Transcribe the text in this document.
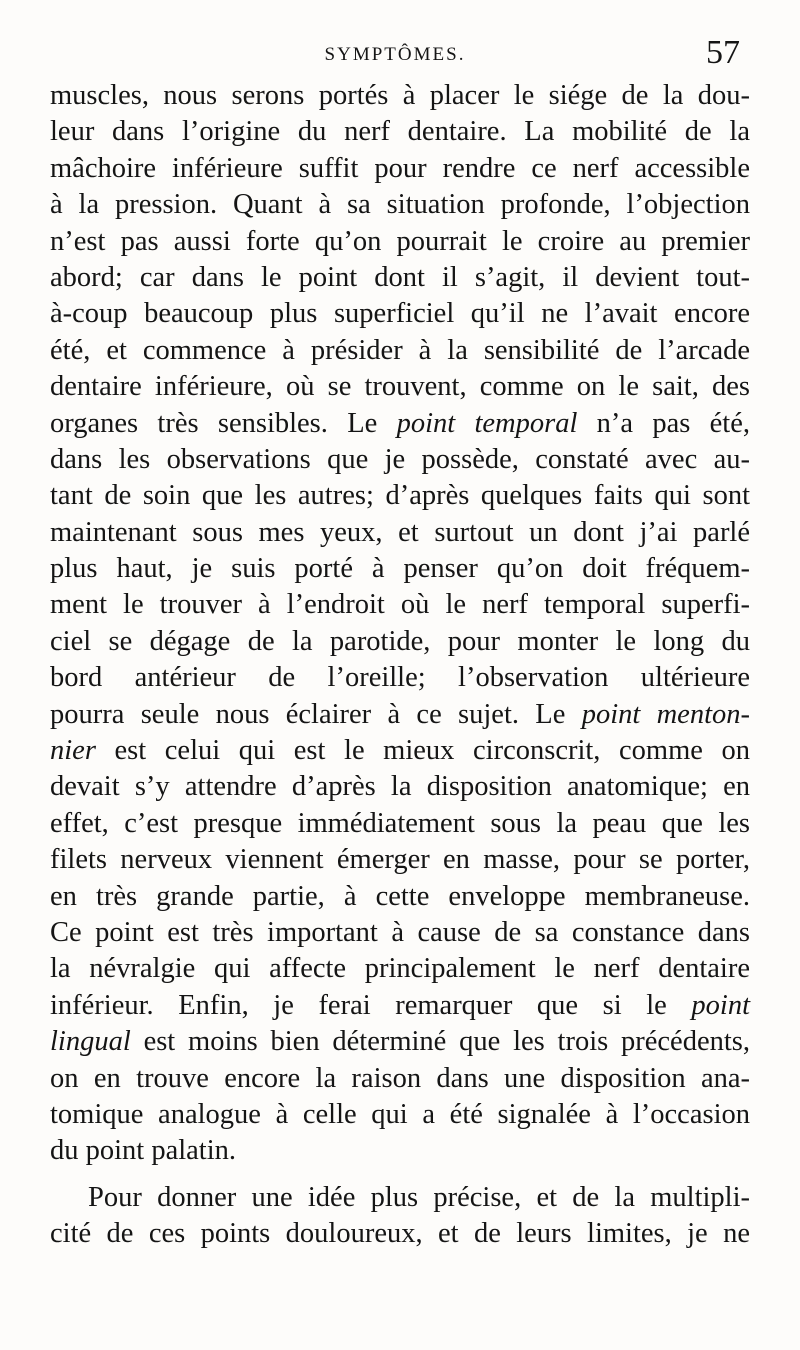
SYMPTÔMES.	57
muscles, nous serons portés à placer le siége de la dou-
leur dans l’origine du nerf dentaire. La mobilité de la
mâchoire inférieure suffit pour rendre ce nerf accessible
à la pression. Quant à sa situation profonde, l’objection
n’est pas aussi forte qu’on pourrait le croire au premier
abord; car dans le point dont il s’agit, il devient tout-
à-coup beaucoup plus superficiel qu’il ne l’avait encore
été, et commence à présider à la sensibilité de l’arcade
dentaire inférieure, où se trouvent, comme on le sait, des
organes très sensibles. Le point temporal n’a pas été,
dans les observations que je possède, constaté avec au-
tant de soin que les autres; d’après quelques faits qui sont
maintenant sous mes yeux, et surtout un dont j’ai parlé
plus haut, je suis porté à penser qu’on doit fréquem-
ment le trouver à l’endroit où le nerf temporal superfi-
ciel se dégage de la parotide, pour monter le long du
bord antérieur de l’oreille; l’observation ultérieure
pourra seule nous éclairer à ce sujet. Le point menton-
nier est celui qui est le mieux circonscrit, comme on
devait s’y attendre d’après la disposition anatomique; en
effet, c’est presque immédiatement sous la peau que les
filets nerveux viennent émerger en masse, pour se porter,
en très grande partie, à cette enveloppe membraneuse.
Ce point est très important à cause de sa constance dans
la névralgie qui affecte principalement le nerf dentaire
inférieur. Enfin, je ferai remarquer que si le point
lingual est moins bien déterminé que les trois précédents,
on en trouve encore la raison dans une disposition ana-
tomique analogue à celle qui a été signalée à l’occasion
du point palatin.
Pour donner une idée plus précise, et de la multipli-
cité de ces points douloureux, et de leurs limites, je ne
